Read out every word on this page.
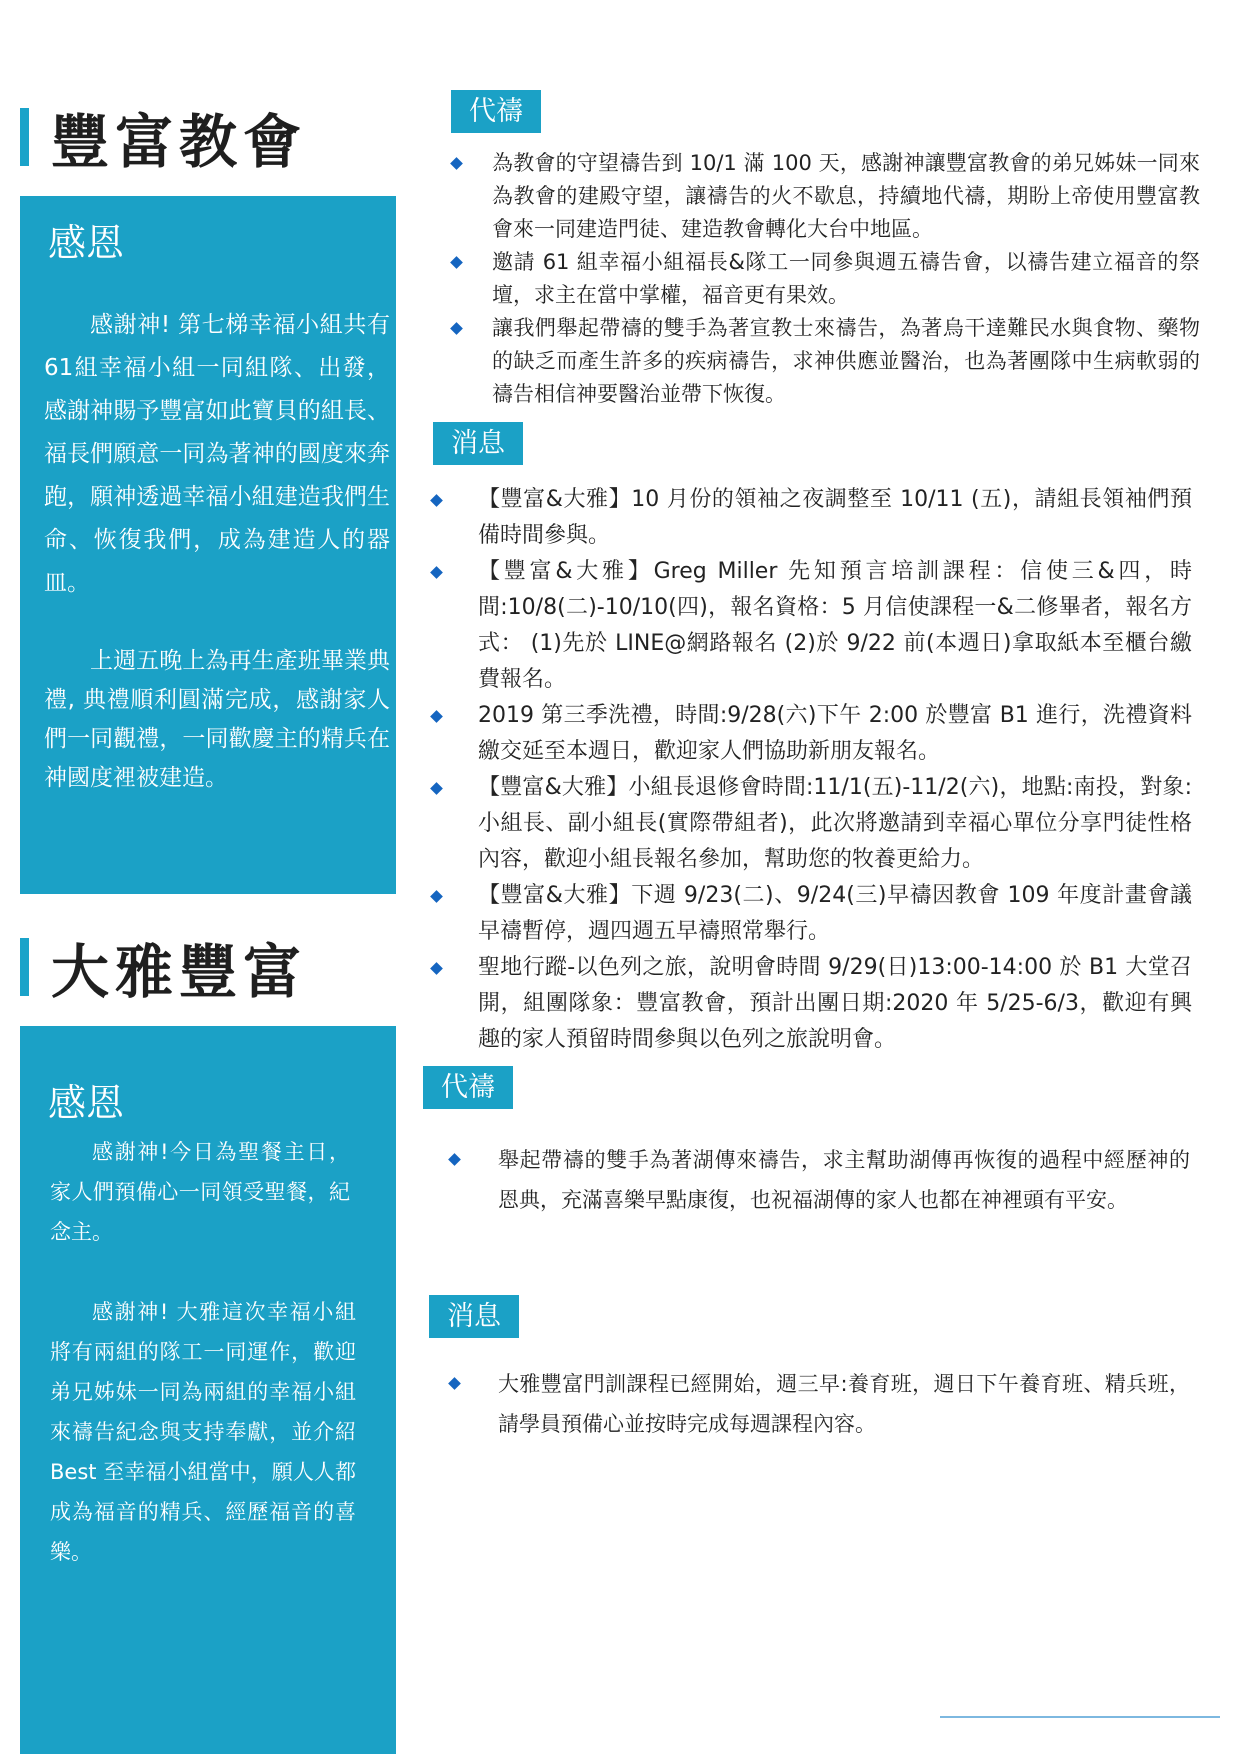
豐富教會
感恩

感謝神! 第七梯幸福小組共有61組幸福小組一同組隊、出發，感謝神賜予豐富如此寶貝的組長、福長們願意一同為著神的國度來奔跑，願神透過幸福小組建造我們生命、恢復我們，成為建造人的器皿。

上週五晚上為再生產班畢業典禮, 典禮順利圓滿完成，感謝家人們一同觀禮，一同歡慶主的精兵在神國度裡被建造。

代禱
為教會的守望禱告到 10/1 滿 100 天，感謝神讓豐富教會的弟兄姊妹一同來為教會的建殿守望，讓禱告的火不歇息，持續地代禱，期盼上帝使用豐富教會來一同建造門徒、建造教會轉化大台中地區。
邀請 61 組幸福小組福長&隊工一同參與週五禱告會，以禱告建立福音的祭壇，求主在當中掌權，福音更有果效。
讓我們舉起帶禱的雙手為著宣教士來禱告，為著烏干達難民水與食物、藥物的缺乏而產生許多的疾病禱告，求神供應並醫治，也為著團隊中生病軟弱的禱告相信神要醫治並帶下恢復。
消息
【豐富&大雅】10 月份的領袖之夜調整至 10/11 (五)，請組長領袖們預備時間參與。
【豐富&大雅】Greg Miller 先知預言培訓課程：信使三&四，時間:10/8(二)-10/10(四)，報名資格：5 月信使課程一&二修畢者，報名方式： (1)先於 LINE@網路報名 (2)於 9/22 前(本週日)拿取紙本至櫃台繳費報名。
2019 第三季洗禮，時間:9/28(六)下午 2:00 於豐富 B1 進行，洗禮資料繳交延至本週日，歡迎家人們協助新朋友報名。
【豐富&大雅】小組長退修會時間:11/1(五)-11/2(六)，地點:南投，對象:小組長、副小組長(實際帶組者)，此次將邀請到幸福心單位分享門徒性格內容，歡迎小組長報名參加，幫助您的牧養更給力。
【豐富&大雅】下週 9/23(二)、9/24(三)早禱因教會 109 年度計畫會議早禱暫停，週四週五早禱照常舉行。
聖地行蹤-以色列之旅，說明會時間 9/29(日)13:00-14:00 於 B1 大堂召開，組團隊象：豐富教會，預計出團日期:2020 年 5/25-6/3，歡迎有興趣的家人預留時間參與以色列之旅說明會。
大雅豐富
感恩

感謝神!今日為聖餐主日，家人們預備心一同領受聖餐，紀念主。

感謝神! 大雅這次幸福小組將有兩組的隊工一同運作，歡迎弟兄姊妹一同為兩組的幸福小組來禱告紀念與支持奉獻，並介紹 Best 至幸福小組當中，願人人都成為福音的精兵、經歷福音的喜樂。

代禱
舉起帶禱的雙手為著湖傳來禱告，求主幫助湖傳再恢復的過程中經歷神的恩典，充滿喜樂早點康復，也祝福湖傳的家人也都在神裡頭有平安。
消息
大雅豐富門訓課程已經開始，週三早:養育班，週日下午養育班、精兵班，請學員預備心並按時完成每週課程內容。
